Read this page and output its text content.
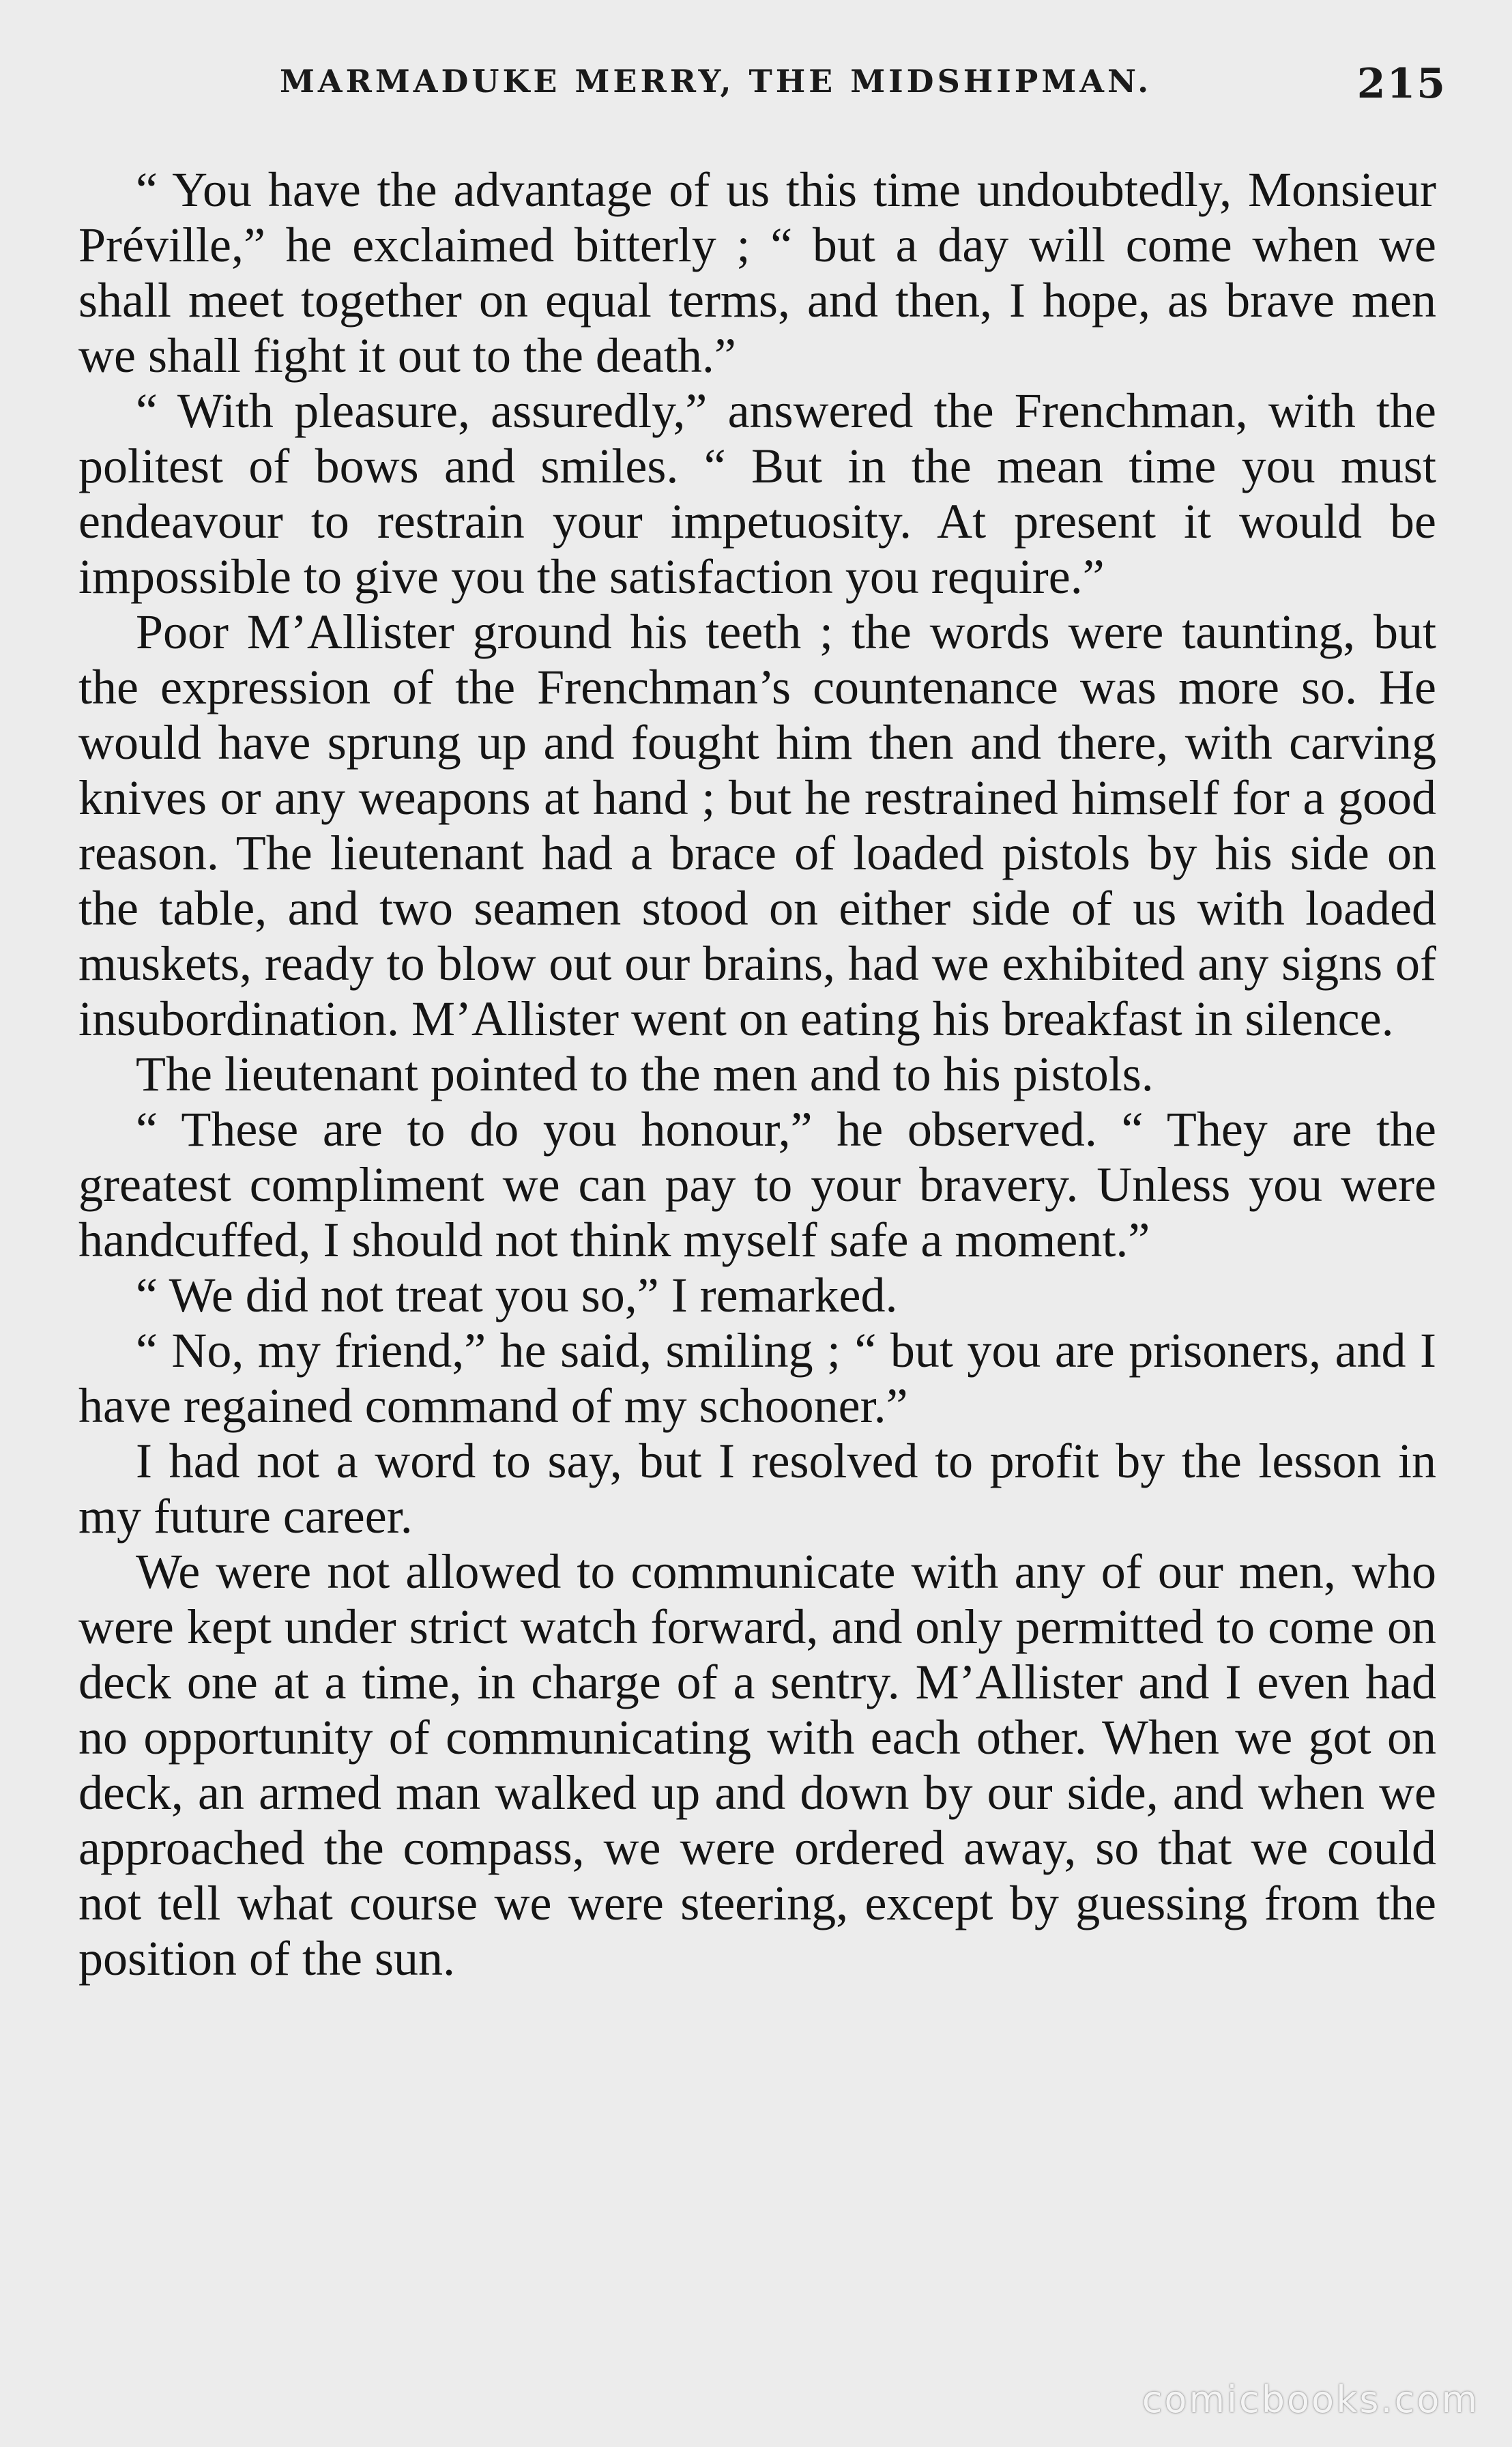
MARMADUKE MERRY, THE MIDSHIPMAN.	215

“ You have the advantage of us this time undoubtedly, Monsieur Préville,” he exclaimed bitterly ; “ but a day will come when we shall meet together on equal terms, and then, I hope, as brave men we shall fight it out to the death.”

“ With pleasure, assuredly,” answered the Frenchman, with the politest of bows and smiles. “ But in the mean time you must endeavour to restrain your impetuosity. At present it would be impossible to give you the satisfaction you require.”

Poor M’Allister ground his teeth ; the words were taunting, but the expression of the Frenchman’s countenance was more so. He would have sprung up and fought him then and there, with carving knives or any weapons at hand ; but he restrained himself for a good reason. The lieutenant had a brace of loaded pistols by his side on the table, and two seamen stood on either side of us with loaded muskets, ready to blow out our brains, had we exhibited any signs of insubordination. M’Allister went on eating his breakfast in silence.

The lieutenant pointed to the men and to his pistols.

“ These are to do you honour,” he observed. “ They are the greatest compliment we can pay to your bravery. Unless you were handcuffed, I should not think myself safe a moment.”

“ We did not treat you so,” I remarked.

“ No, my friend,” he said, smiling ; “ but you are prisoners, and I have regained command of my schooner.”

I had not a word to say, but I resolved to profit by the lesson in my future career.

We were not allowed to communicate with any of our men, who were kept under strict watch forward, and only permitted to come on deck one at a time, in charge of a sentry. M’Allister and I even had no opportunity of communicating with each other. When we got on deck, an armed man walked up and down by our side, and when we approached the compass, we were ordered away, so that we could not tell what course we were steering, except by guessing from the position of the sun.

comicbooks.com
